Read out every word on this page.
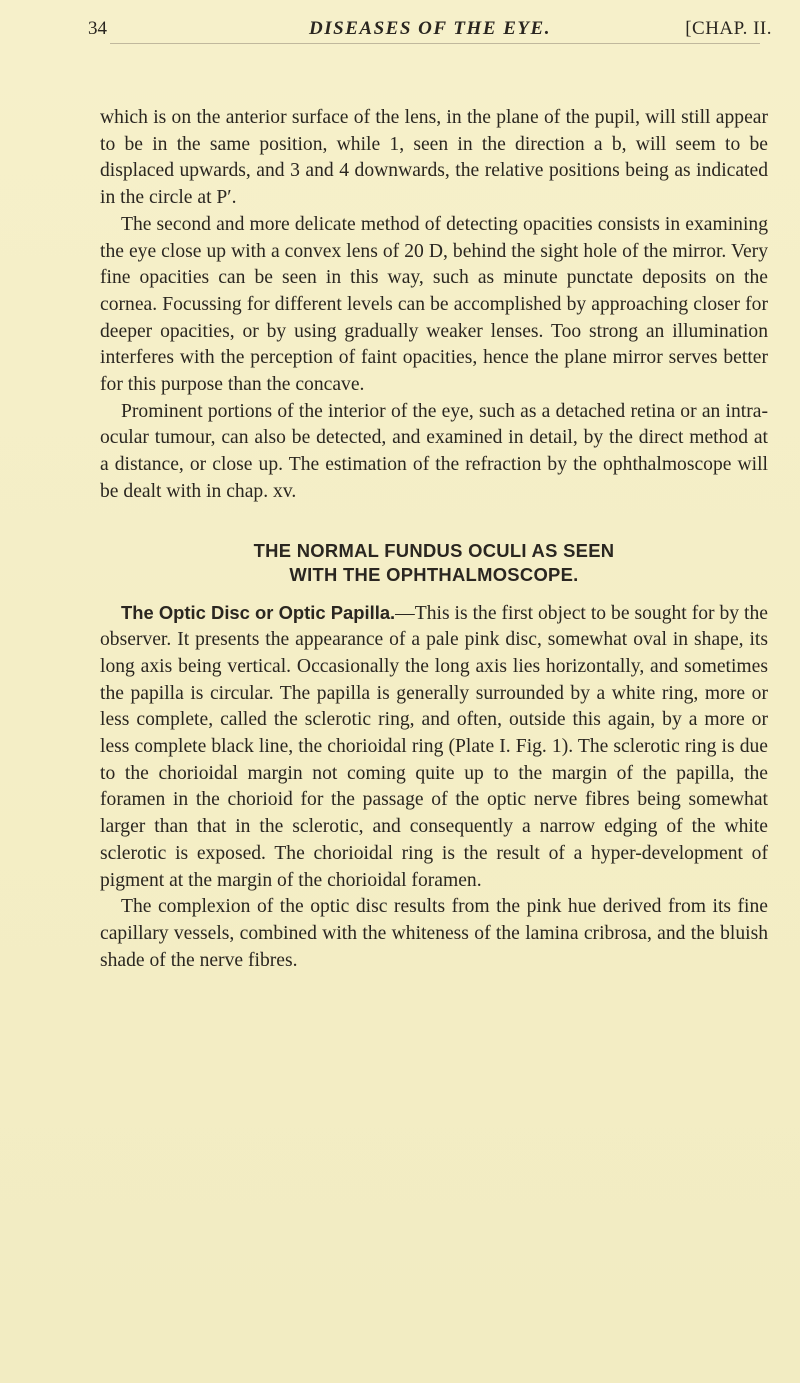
34	DISEASES OF THE EYE.	[CHAP. II.

which is on the anterior surface of the lens, in the plane of the pupil, will still appear to be in the same position, while 1, seen in the direction a b, will seem to be displaced upwards, and 3 and 4 downwards, the relative positions being as indicated in the circle at P′.

The second and more delicate method of detecting opacities consists in examining the eye close up with a convex lens of 20 D, behind the sight hole of the mirror. Very fine opacities can be seen in this way, such as minute punctate deposits on the cornea. Focussing for different levels can be accomplished by approaching closer for deeper opacities, or by using gradually weaker lenses. Too strong an illumination interferes with the perception of faint opacities, hence the plane mirror serves better for this purpose than the concave.

Prominent portions of the interior of the eye, such as a detached retina or an intra-ocular tumour, can also be detected, and examined in detail, by the direct method at a distance, or close up. The estimation of the refraction by the ophthalmoscope will be dealt with in chap. xv.

THE NORMAL FUNDUS OCULI AS SEEN
WITH THE OPHTHALMOSCOPE.

The Optic Disc or Optic Papilla.—This is the first object to be sought for by the observer. It presents the appearance of a pale pink disc, somewhat oval in shape, its long axis being vertical. Occasionally the long axis lies horizontally, and sometimes the papilla is circular. The papilla is generally surrounded by a white ring, more or less complete, called the sclerotic ring, and often, outside this again, by a more or less complete black line, the chorioidal ring (Plate I. Fig. 1). The sclerotic ring is due to the chorioidal margin not coming quite up to the margin of the papilla, the foramen in the chorioid for the passage of the optic nerve fibres being somewhat larger than that in the sclerotic, and consequently a narrow edging of the white sclerotic is exposed. The chorioidal ring is the result of a hyper-development of pigment at the margin of the chorioidal foramen.

The complexion of the optic disc results from the pink hue derived from its fine capillary vessels, combined with the whiteness of the lamina cribrosa, and the bluish shade of the nerve fibres.
